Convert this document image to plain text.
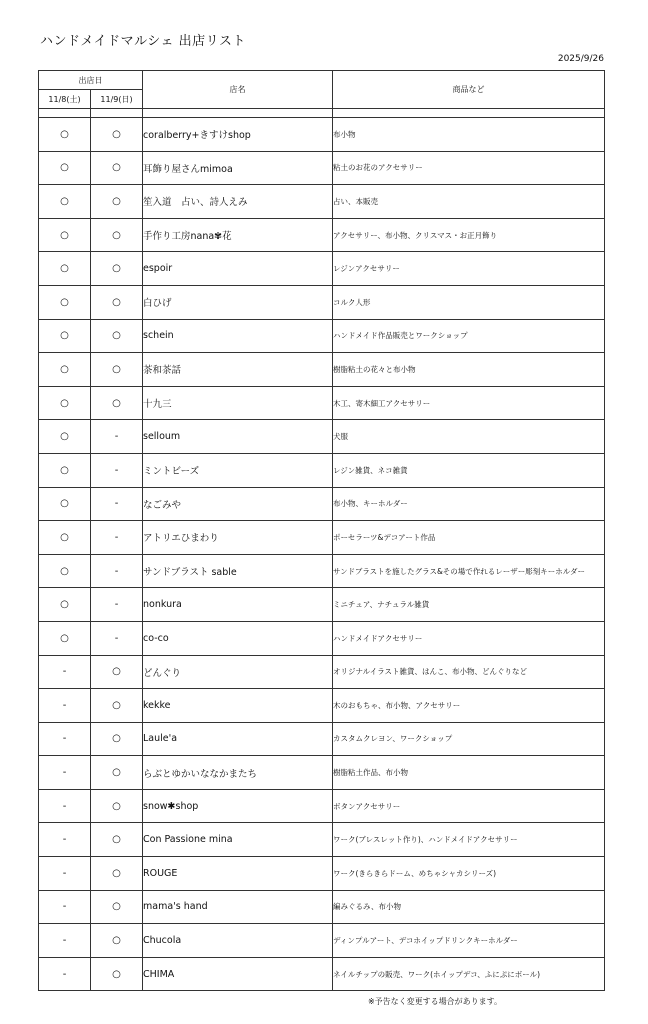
ハンドメイドマルシェ 出店リスト
2025/9/26
出店日		店名	商品など
11/8(土)	11/9(日)		

○	○	coralberry+きすけshop	布小物
○	○	耳飾り屋さんmimoa	粘土のお花のアクセサリー
○	○	笙入道　占い、詩人えみ	占い、本販売
○	○	手作り工房nana✾花	アクセサリー、布小物、クリスマス・お正月飾り
○	○	espoir	レジンアクセサリー
○	○	白ひげ	コルク人形
○	○	schein	ハンドメイド作品販売とワークショップ
○	○	茶和茶話	樹脂粘土の花々と布小物
○	○	十九三	木工、寄木細工アクセサリー
○	-	selloum	犬服
○	-	ミントビーズ	レジン雑貨、ネコ雑貨
○	-	なごみや	布小物、キーホルダー
○	-	アトリエひまわり	ポーセラーツ&デコアート作品
○	-	サンドブラスト sable	サンドブラストを施したグラス&その場で作れるレーザー彫刻キーホルダー
○	-	nonkura	ミニチュア、ナチュラル雑貨
○	-	co-co	ハンドメイドアクセサリー
-	○	どんぐり	オリジナルイラスト雑貨、はんこ、布小物、どんぐりなど
-	○	kekke	木のおもちゃ、布小物、アクセサリー
-	○	Laule'a	カスタムクレヨン、ワークショップ
-	○	らぶとゆかいななかまたち	樹脂粘土作品、布小物
-	○	snow✱shop	ボタンアクセサリー
-	○	Con Passione mina	ワーク(ブレスレット作り)、ハンドメイドアクセサリー
-	○	ROUGE	ワーク(きらきらドーム、めちゃシャカシリーズ)
-	○	mama's hand	編みぐるみ、布小物
-	○	Chucola	ディンプルアート、デコホイップドリンクキーホルダー
-	○	CHIMA	ネイルチップの販売、ワーク(ホイップデコ、ふにぷにボール)
※予告なく変更する場合があります。
